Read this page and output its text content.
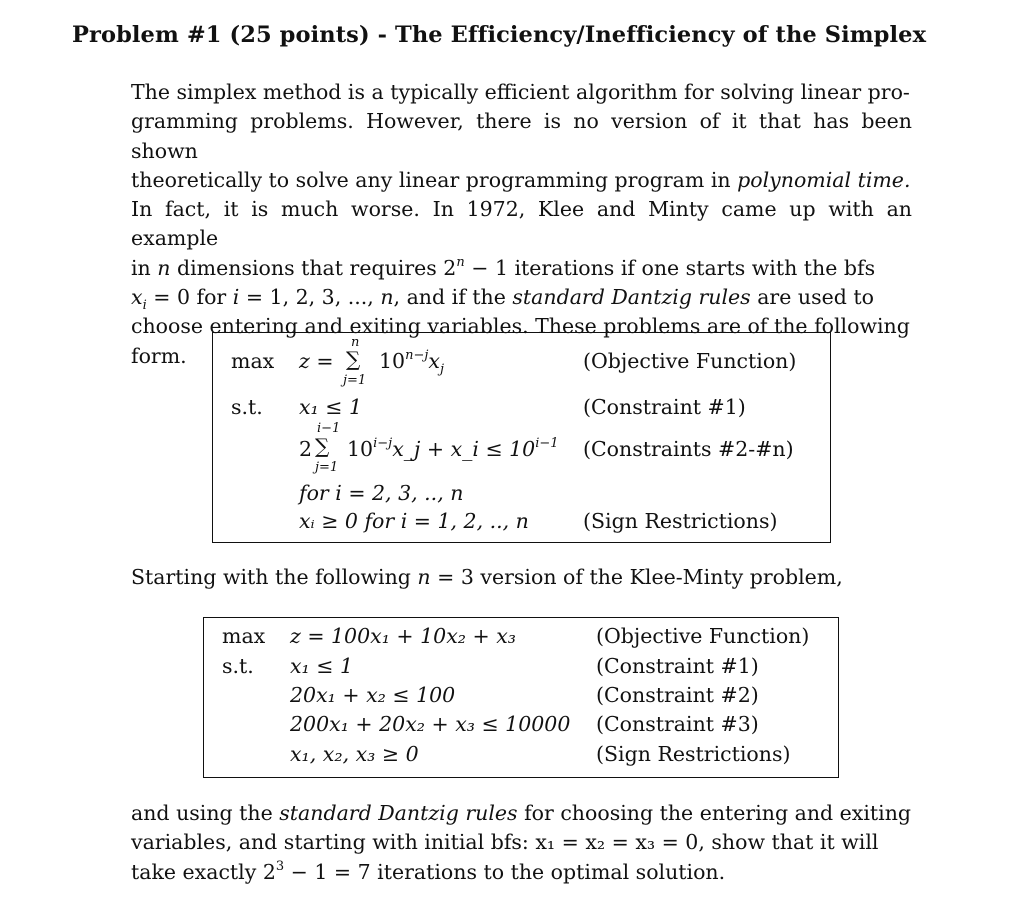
Problem #1 (25 points) - The Efficiency/Inefficiency of the Simplex
The simplex method is a typically efficient algorithm for solving linear pro-
gramming problems. However, there is no version of it that has been shown
theoretically to solve any linear programming program in polynomial time.
In fact, it is much worse. In 1972, Klee and Minty came up with an example
in n dimensions that requires $2^n - 1$ iterations if one starts with the bfs
$x_i = 0$ for i = 1, 2, 3, ..., n, and if the standard Dantzig rules are used to
choose entering and exiting variables. These problems are of the following
form.	max z =
n
∑
j=1
$10^{n-j}x_j$	(Objective Function)
s.t. x₁ ≤ 1	(Constraint #1)
2
i−1
∑
j=1
$10^{i-j}x\_j$ + x_i ≤ $10^{i-1}$ (Constraints #2-#n)
for i = 2, 3, .., n
xᵢ ≥ 0 for i = 1, 2, .., n	(Sign Restrictions)
Starting with the following n = 3 version of the Klee-Minty problem,
max z = 100x₁ + 10x₂ + x₃	(Objective Function)
s.t. x₁ ≤ 1	(Constraint #1)
20x₁ + x₂ ≤ 100	(Constraint #2)
200x₁ + 20x₂ + x₃ ≤ 10000 (Constraint #3)
x₁, x₂, x₃ ≥ 0	(Sign Restrictions)
and using the standard Dantzig rules for choosing the entering and exiting
variables, and starting with initial bfs: x₁ = x₂ = x₃ = 0, show that it will
take exactly $2^3 - 1 = 7$ iterations to the optimal solution.
